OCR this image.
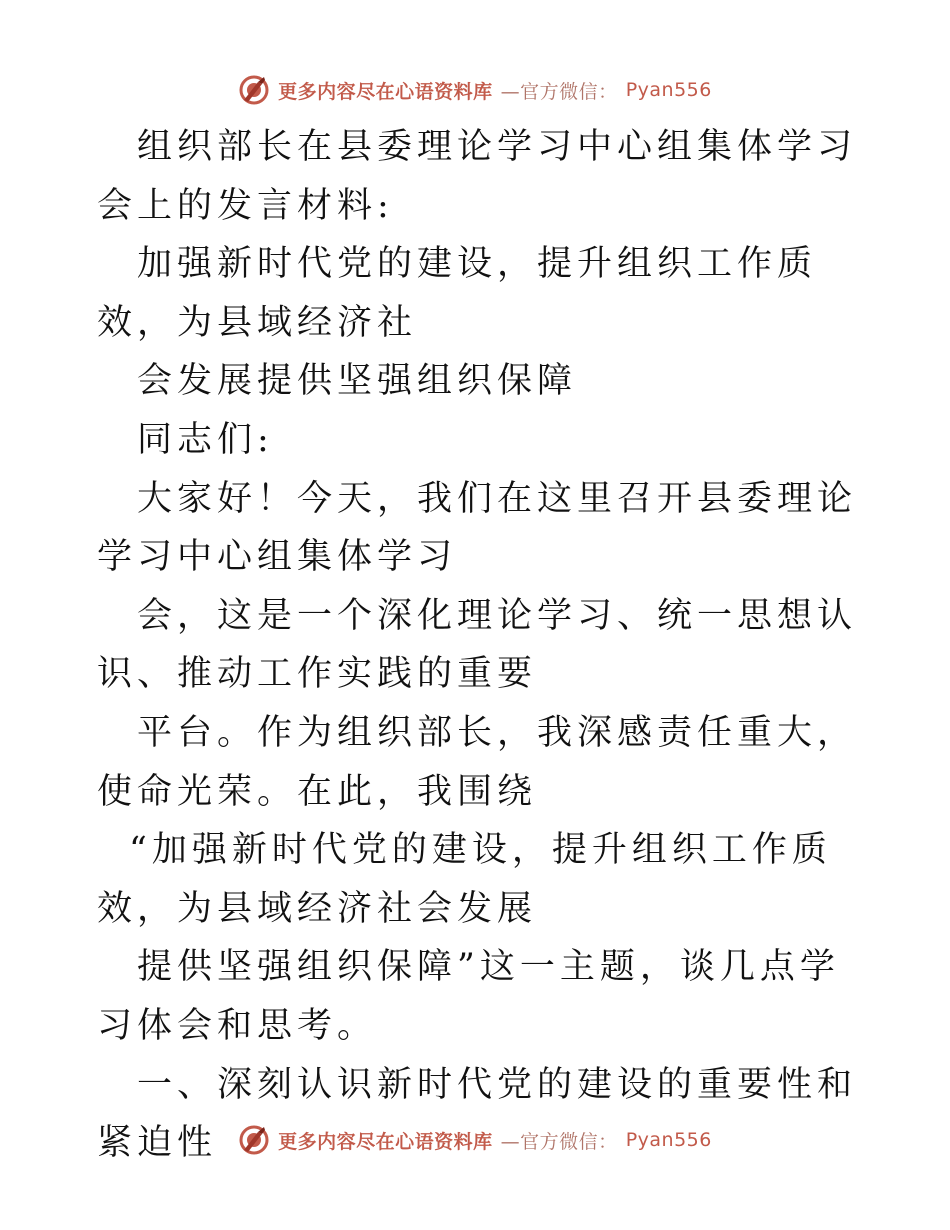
更多内容尽在心语资料库 —官方微信： Pyan556

组织部长在县委理论学习中心组集体学习会上的发言材料:

加强新时代党的建设，提升组织工作质效，为县域经济社

会发展提供坚强组织保障

同志们:

大家好！今天，我们在这里召开县委理论学习中心组集体学习

会，这是一个深化理论学习、统一思想认识、推动工作实践的重要

平台。作为组织部长，我深感责任重大，使命光荣。在此，我围绕

“加强新时代党的建设，提升组织工作质效，为县域经济社会发展

提供坚强组织保障”这一主题，谈几点学习体会和思考。

一、深刻认识新时代党的建设的重要性和紧迫性	更多内容尽在心语资料库 —官方微信： Pyan556
